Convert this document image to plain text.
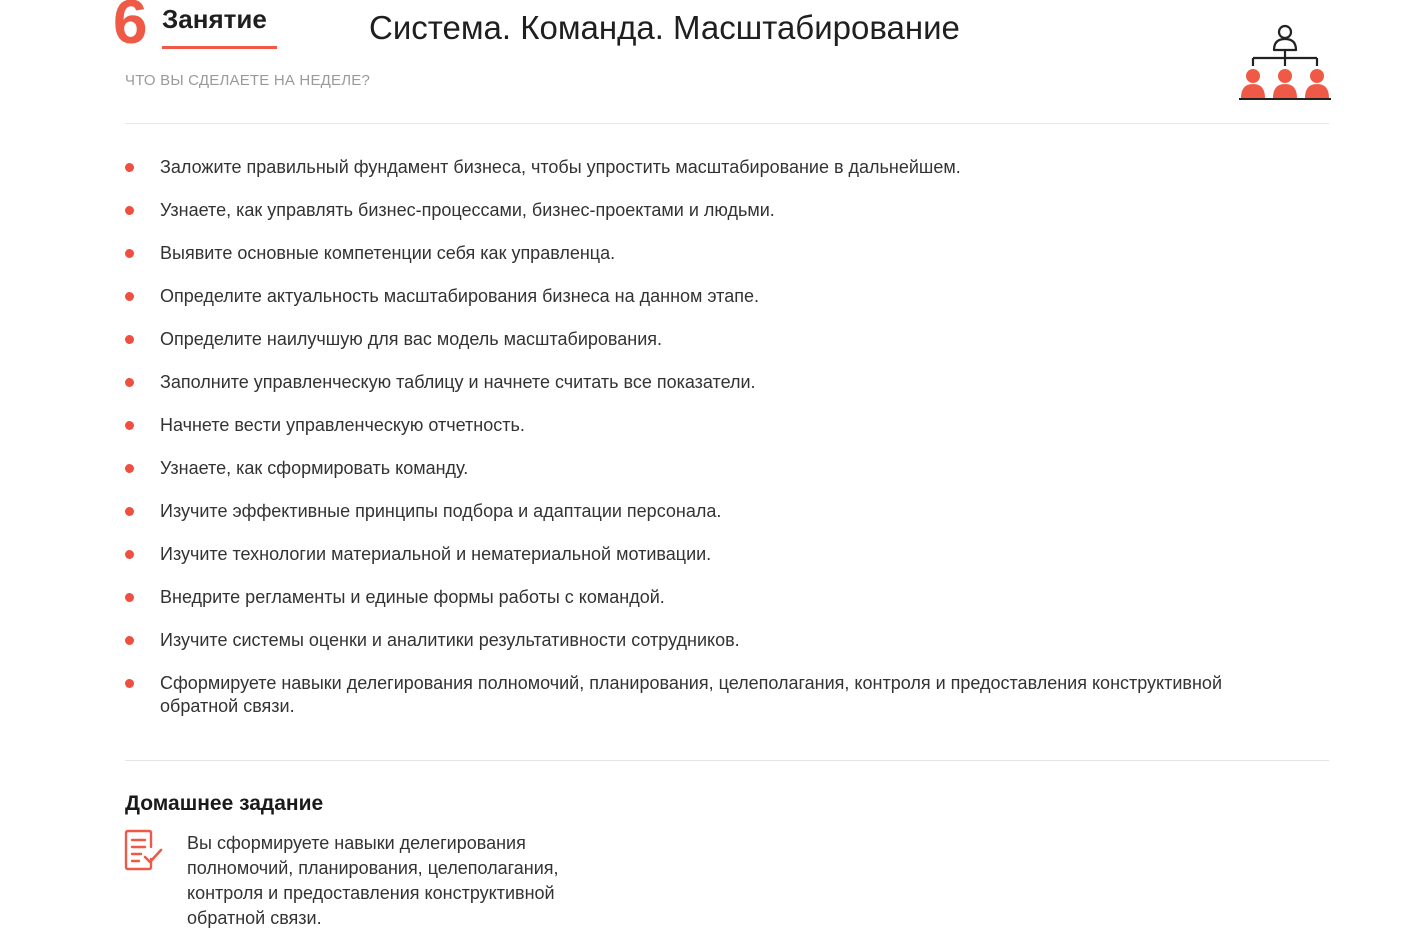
6 Занятие	Система. Команда. Масштабирование
ЧТО ВЫ СДЕЛАЕТЕ НА НЕДЕЛЕ?
Заложите правильный фундамент бизнеса, чтобы упростить масштабирование в дальнейшем.
Узнаете, как управлять бизнес-процессами, бизнес-проектами и людьми.
Выявите основные компетенции себя как управленца.
Определите актуальность масштабирования бизнеса на данном этапе.
Определите наилучшую для вас модель масштабирования.
Заполните управленческую таблицу и начнете считать все показатели.
Начнете вести управленческую отчетность.
Узнаете, как сформировать команду.
Изучите эффективные принципы подбора и адаптации персонала.
Изучите технологии материальной и нематериальной мотивации.
Внедрите регламенты и единые формы работы с командой.
Изучите системы оценки и аналитики результативности сотрудников.
Сформируете навыки делегирования полномочий, планирования, целеполагания, контроля и предоставления конструктивной обратной связи.
Домашнее задание

Вы сформируете навыки делегирования полномочий, планирования, целеполагания, контроля и предоставления конструктивной обратной связи.
